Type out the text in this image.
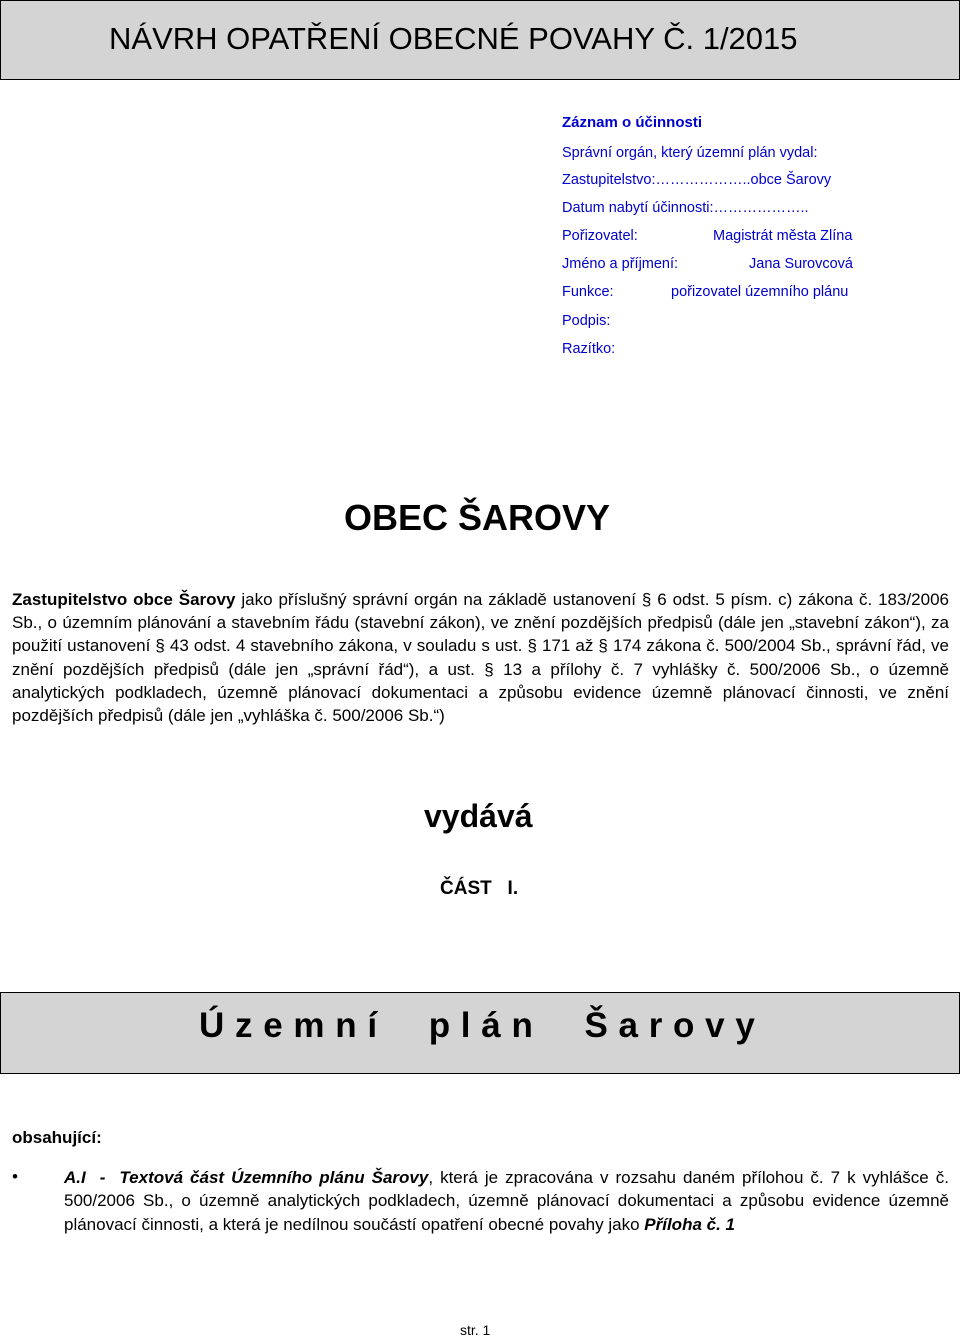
NÁVRH OPATŘENÍ OBECNÉ POVAHY Č. 1/2015
Záznam o účinnosti
Správní orgán, který územní plán vydal:
Zastupitelstvo:………………..obce Šarovy
Datum nabytí účinnosti:………………..
Pořizovatel:	Magistrát města Zlína
Jméno a příjmení:	Jana Surovcová
Funkce:	pořizovatel územního plánu
Podpis:
Razítko:
OBEC ŠAROVY
Zastupitelstvo obce Šarovy jako příslušný správní orgán na základě ustanovení § 6 odst. 5 písm. c) zákona č. 183/2006 Sb., o územním plánování a stavebním řádu (stavební zákon), ve znění pozdějších předpisů (dále jen „stavební zákon“), za použití ustanovení § 43 odst. 4 stavebního zákona, v souladu s ust. § 171 až § 174 zákona č. 500/2004 Sb., správní řád, ve znění pozdějších předpisů (dále jen „správní řád“), a ust. § 13 a přílohy č. 7 vyhlášky č. 500/2006 Sb., o územně analytických podkladech, územně plánovací dokumentaci a způsobu evidence územně plánovací činnosti, ve znění pozdějších předpisů (dále jen „vyhláška č. 500/2006 Sb.“)
vydává
ČÁST   I.
Ú z e m n í     p l á n     Š a r o v y
obsahující:
•	A.I  -  Textová část Územního plánu Šarovy, která je zpracována v rozsahu daném přílohou č. 7 k vyhlášce č. 500/2006 Sb., o územně analytických podkladech, územně plánovací dokumentaci a způsobu evidence územně plánovací činnosti, a která je nedílnou součástí opatření obecné povahy jako Příloha č. 1
str. 1
